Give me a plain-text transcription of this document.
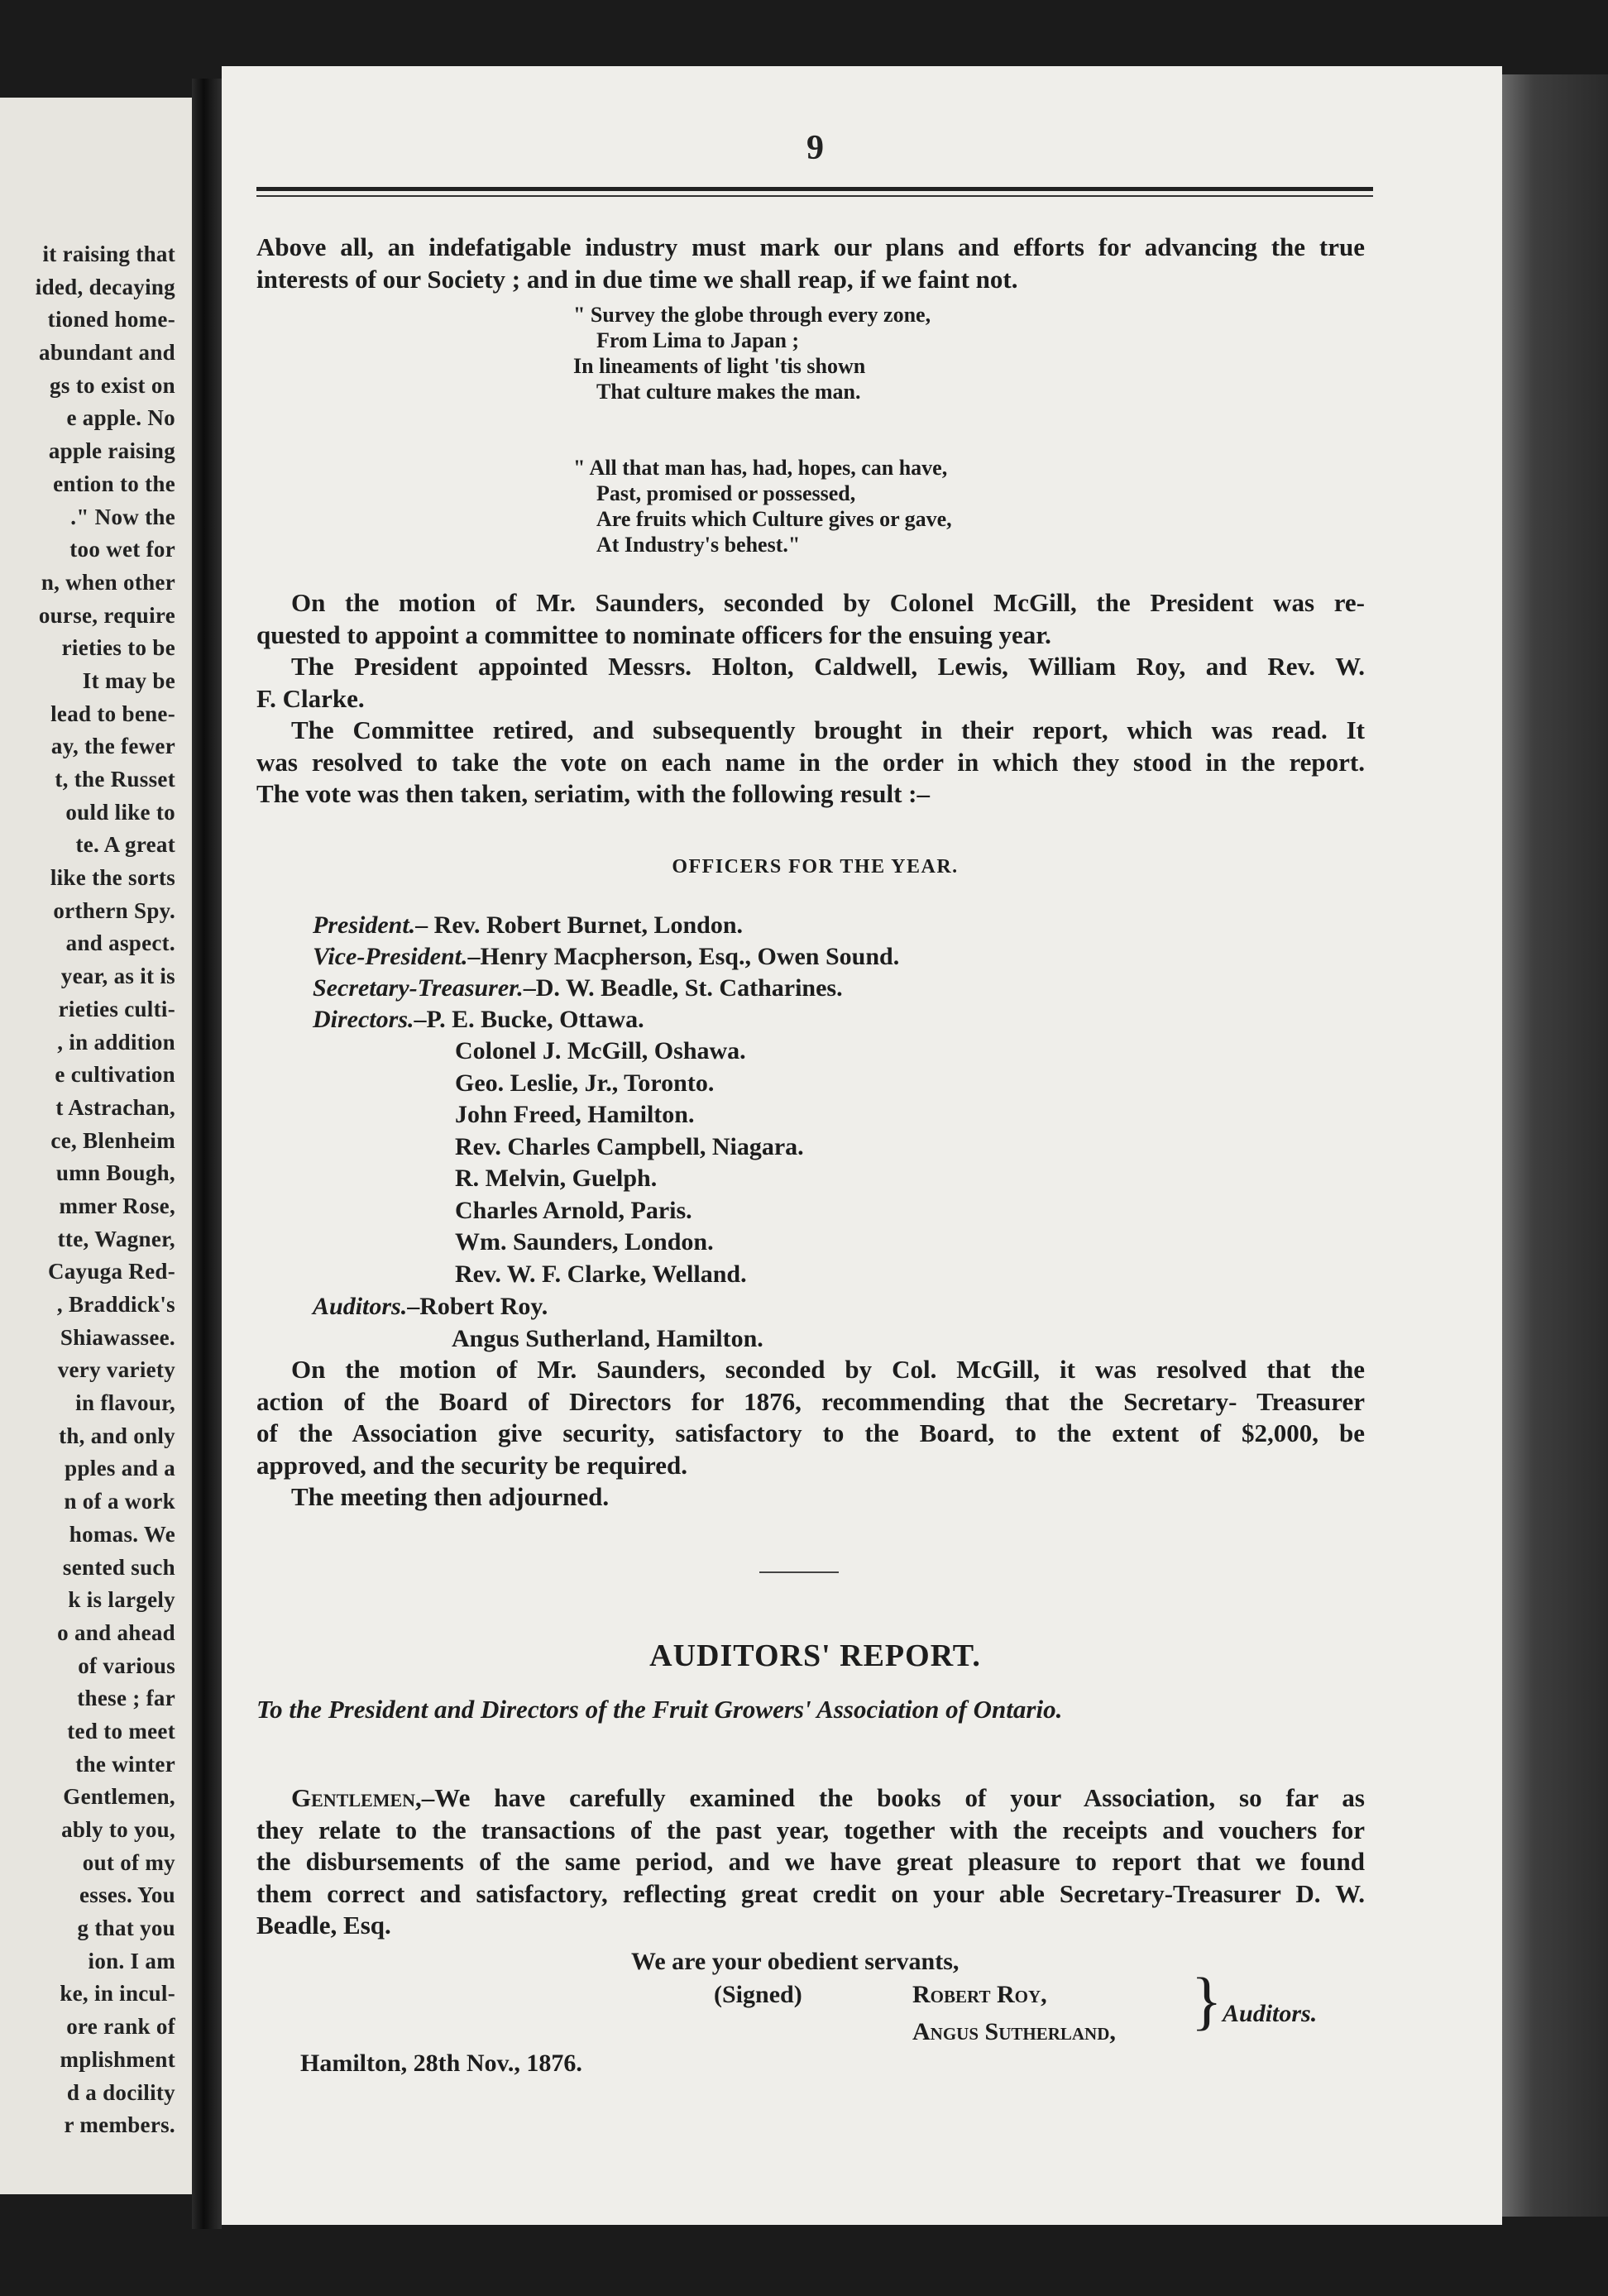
it raising that
ided, decaying
tioned home-
abundant and
gs to exist on
e apple. No
apple raising
ention to the
." Now the
too wet for
n, when other
ourse, require
rieties to be
It may be
lead to bene-
ay, the fewer
t, the Russet
ould like to
te. A great
like the sorts
orthern Spy.
and aspect.
year, as it is
rieties culti-
, in addition
e cultivation
t Astrachan,
ce, Blenheim
umn Bough,
mmer Rose,
tte, Wagner,
Cayuga Red-
, Braddick's
Shiawassee.
very variety
in flavour,
th, and only
pples and a
n of a work
homas. We
sented such
k is largely
o and ahead
of various
these ; far
ted to meet
the winter
Gentlemen,
ably to you,
out of my
esses. You
g that you
ion. I am
ke, in incul-
ore rank of
mplishment
d a docility
r members.
9
Above all, an indefatigable industry must mark our plans and efforts for advancing the true
interests of our Society ; and in due time we shall reap, if we faint not.
" Survey the globe through every zone,
From Lima to Japan ;
In lineaments of light 'tis shown
That culture makes the man.
" All that man has, had, hopes, can have,
Past, promised or possessed,
Are fruits which Culture gives or gave,
At Industry's behest."
On the motion of Mr. Saunders, seconded by Colonel McGill, the President was re-
quested to appoint a committee to nominate officers for the ensuing year.
The President appointed Messrs. Holton, Caldwell, Lewis, William Roy, and Rev. W.
F. Clarke.
The Committee retired, and subsequently brought in their report, which was read. It
was resolved to take the vote on each name in the order in which they stood in the report.
The vote was then taken, seriatim, with the following result :–
OFFICERS FOR THE YEAR.
President.– Rev. Robert Burnet, London.
Vice-President.–Henry Macpherson, Esq., Owen Sound.
Secretary-Treasurer.–D. W. Beadle, St. Catharines.
Directors.–P. E. Bucke, Ottawa.
Colonel J. McGill, Oshawa.
Geo. Leslie, Jr., Toronto.
John Freed, Hamilton.
Rev. Charles Campbell, Niagara.
R. Melvin, Guelph.
Charles Arnold, Paris.
Wm. Saunders, London.
Rev. W. F. Clarke, Welland.
Auditors.–Robert Roy.
Angus Sutherland, Hamilton.
On the motion of Mr. Saunders, seconded by Col. McGill, it was resolved that the
action of the Board of Directors for 1876, recommending that the Secretary- Treasurer
of the Association give security, satisfactory to the Board, to the extent of $2,000, be
approved, and the security be required.
The meeting then adjourned.
AUDITORS' REPORT.
To the President and Directors of the Fruit Growers' Association of Ontario.
Gentlemen,–We have carefully examined the books of your Association, so far as
they relate to the transactions of the past year, together with the receipts and vouchers for
the disbursements of the same period, and we have great pleasure to report that we found
them correct and satisfactory, reflecting great credit on your able Secretary-Treasurer D. W.
Beadle, Esq.
We are your obedient servants,
(Signed)	Robert Roy,
Angus Sutherland, } Auditors.
Hamilton, 28th Nov., 1876.
